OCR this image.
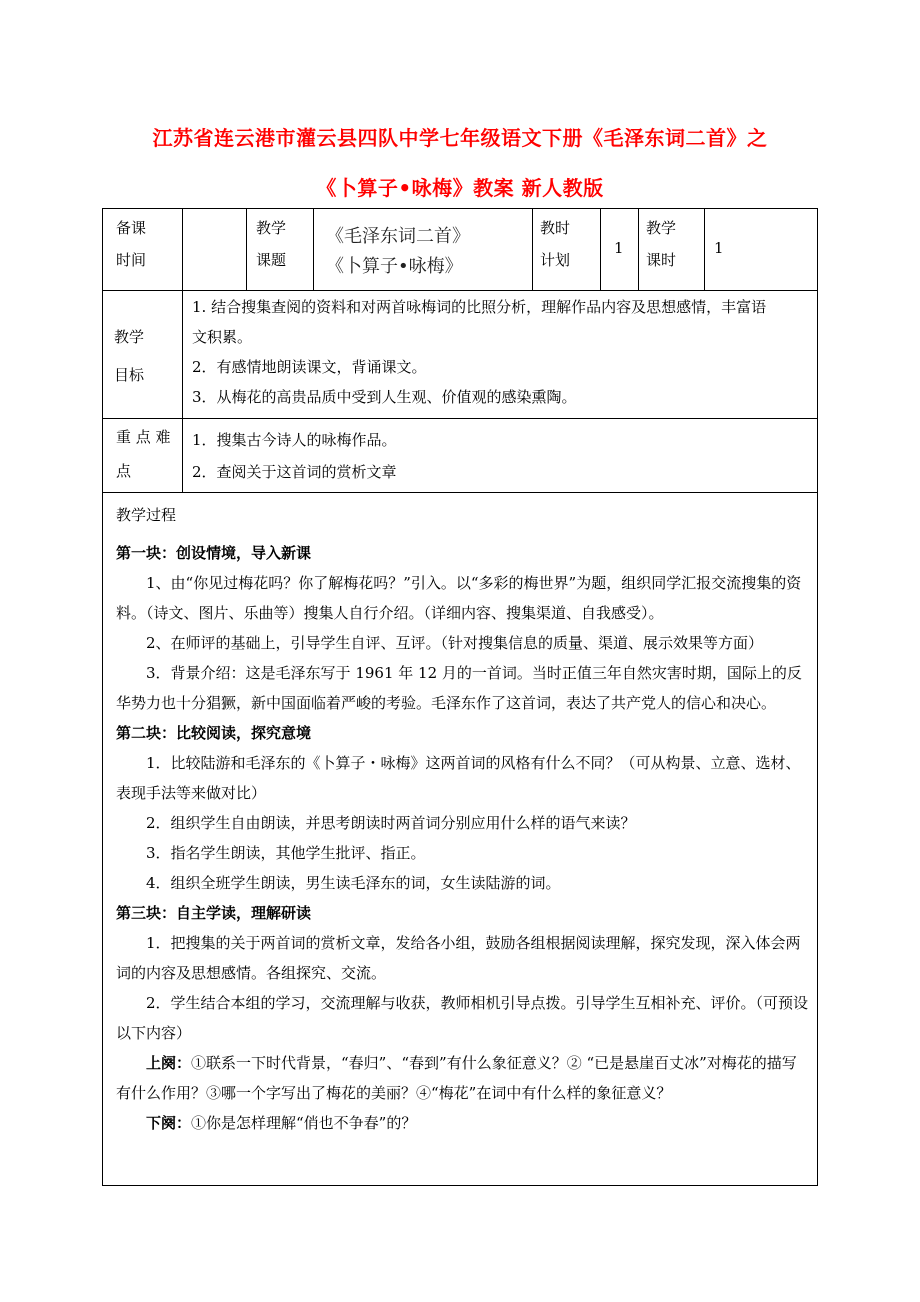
江苏省连云港市灌云县四队中学七年级语文下册《毛泽东词二首》之
《卜算子•咏梅》教案 新人教版
备课
时间
教学
课题
《毛泽东词二首》
《卜算子•咏梅》
教时
计划
1
教学
课时
1
教学
目标
1. 结合搜集查阅的资料和对两首咏梅词的比照分析，理解作品内容及思想感情，丰富语
文积累。
2．有感情地朗读课文，背诵课文。
3．从梅花的高贵品质中受到人生观、价值观的感染熏陶。
重 点 难
点
1．搜集古今诗人的咏梅作品。
2．查阅关于这首词的赏析文章

教学过程

第一块：创设情境，导入新课

1、由“你见过梅花吗？你了解梅花吗？”引入。以“多彩的梅世界”为题，组织同学汇报交流搜集的资料。（诗文、图片、乐曲等）搜集人自行介绍。（详细内容、搜集渠道、自我感受）。

2、在师评的基础上，引导学生自评、互评。（针对搜集信息的质量、渠道、展示效果等方面）

3．背景介绍：这是毛泽东写于 1961 年 12 月的一首词。当时正值三年自然灾害时期，国际上的反华势力也十分猖獗，新中国面临着严峻的考验。毛泽东作了这首词，表达了共产党人的信心和决心。

第二块：比较阅读，探究意境

1．比较陆游和毛泽东的《卜算子・咏梅》这两首词的风格有什么不同？（可从构景、立意、选材、表现手法等来做对比）

2．组织学生自由朗读，并思考朗读时两首词分别应用什么样的语气来读？

3．指名学生朗读，其他学生批评、指正。

4．组织全班学生朗读，男生读毛泽东的词，女生读陆游的词。

第三块：自主学读，理解研读

1．把搜集的关于两首词的赏析文章，发给各小组，鼓励各组根据阅读理解，探究发现，深入体会两词的内容及思想感情。各组探究、交流。

2．学生结合本组的学习，交流理解与收获，教师相机引导点拨。引导学生互相补充、评价。（可预设以下内容）

上阕：①联系一下时代背景，“春归”、“春到”有什么象征意义？② “已是悬崖百丈冰”对梅花的描写有什么作用？③哪一个字写出了梅花的美丽？④“梅花”在词中有什么样的象征意义？

下阕：①你是怎样理解“俏也不争春”的？
